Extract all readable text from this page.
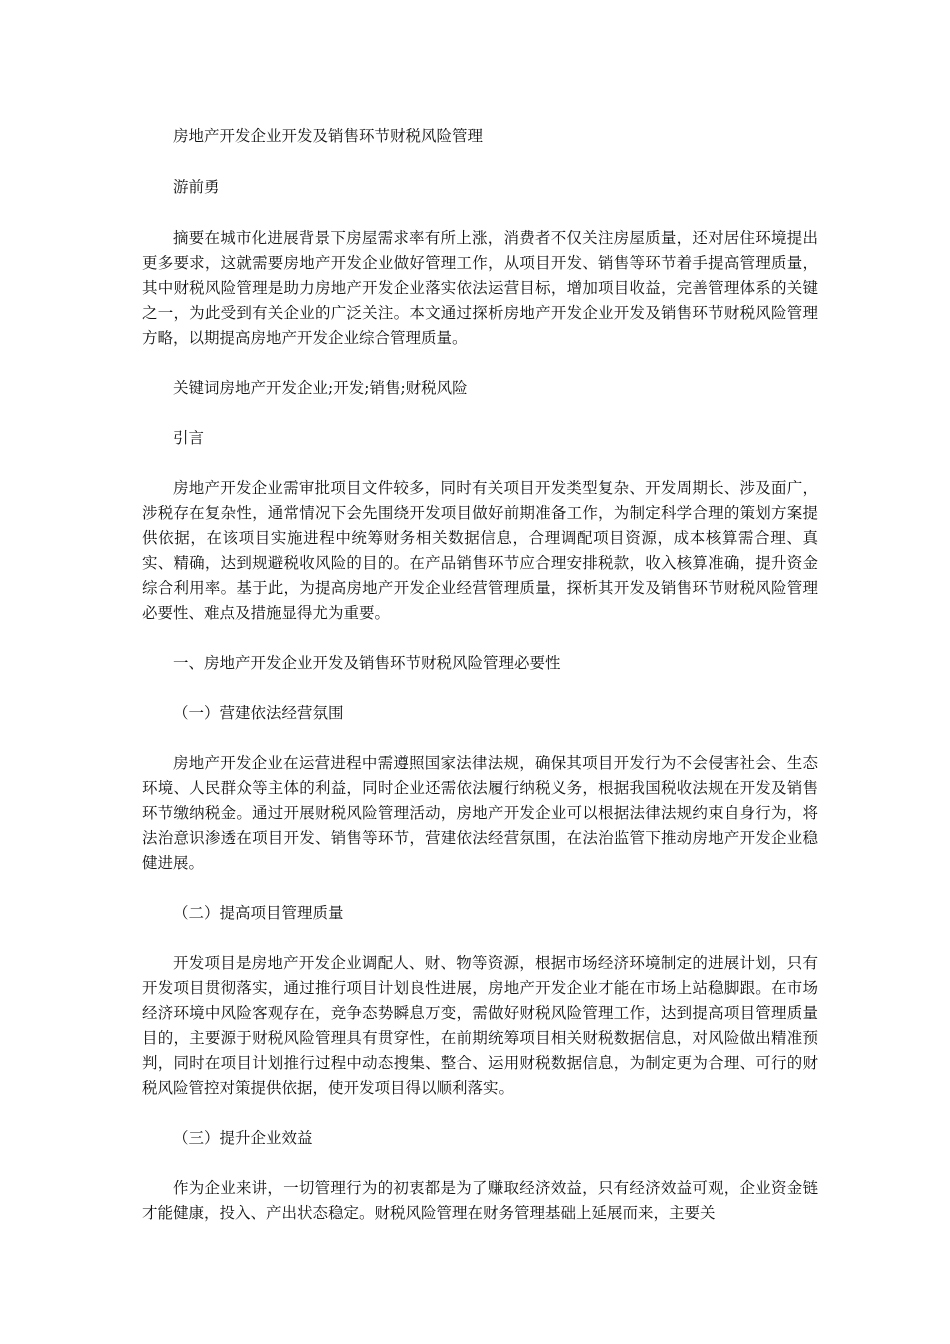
房地产开发企业开发及销售环节财税风险管理

游前勇

摘要在城市化进展背景下房屋需求率有所上涨，消费者不仅关注房屋质量，还对居住环境提出更多要求，这就需要房地产开发企业做好管理工作，从项目开发、销售等环节着手提高管理质量，其中财税风险管理是助力房地产开发企业落实依法运营目标，增加项目收益，完善管理体系的关键之一，为此受到有关企业的广泛关注。本文通过探析房地产开发企业开发及销售环节财税风险管理方略，以期提高房地产开发企业综合管理质量。

关键词房地产开发企业;开发;销售;财税风险

引言

房地产开发企业需审批项目文件较多，同时有关项目开发类型复杂、开发周期长、涉及面广，涉税存在复杂性，通常情况下会先围绕开发项目做好前期准备工作，为制定科学合理的策划方案提供依据，在该项目实施进程中统筹财务相关数据信息，合理调配项目资源，成本核算需合理、真实、精确，达到规避税收风险的目的。在产品销售环节应合理安排税款，收入核算准确，提升资金综合利用率。基于此，为提高房地产开发企业经营管理质量，探析其开发及销售环节财税风险管理必要性、难点及措施显得尤为重要。

一、房地产开发企业开发及销售环节财税风险管理必要性

（一）营建依法经营氛围

房地产开发企业在运营进程中需遵照国家法律法规，确保其项目开发行为不会侵害社会、生态环境、人民群众等主体的利益，同时企业还需依法履行纳税义务，根据我国税收法规在开发及销售环节缴纳税金。通过开展财税风险管理活动，房地产开发企业可以根据法律法规约束自身行为，将法治意识渗透在项目开发、销售等环节，营建依法经营氛围，在法治监管下推动房地产开发企业稳健进展。

（二）提高项目管理质量

开发项目是房地产开发企业调配人、财、物等资源，根据市场经济环境制定的进展计划，只有开发项目贯彻落实，通过推行项目计划良性进展，房地产开发企业才能在市场上站稳脚跟。在市场经济环境中风险客观存在，竞争态势瞬息万变，需做好财税风险管理工作，达到提高项目管理质量目的，主要源于财税风险管理具有贯穿性，在前期统筹项目相关财税数据信息，对风险做出精准预判，同时在项目计划推行过程中动态搜集、整合、运用财税数据信息，为制定更为合理、可行的财税风险管控对策提供依据，使开发项目得以顺利落实。

（三）提升企业效益

作为企业来讲，一切管理行为的初衷都是为了赚取经济效益，只有经济效益可观，企业资金链才能健康，投入、产出状态稳定。财税风险管理在财务管理基础上延展而来，主要关
